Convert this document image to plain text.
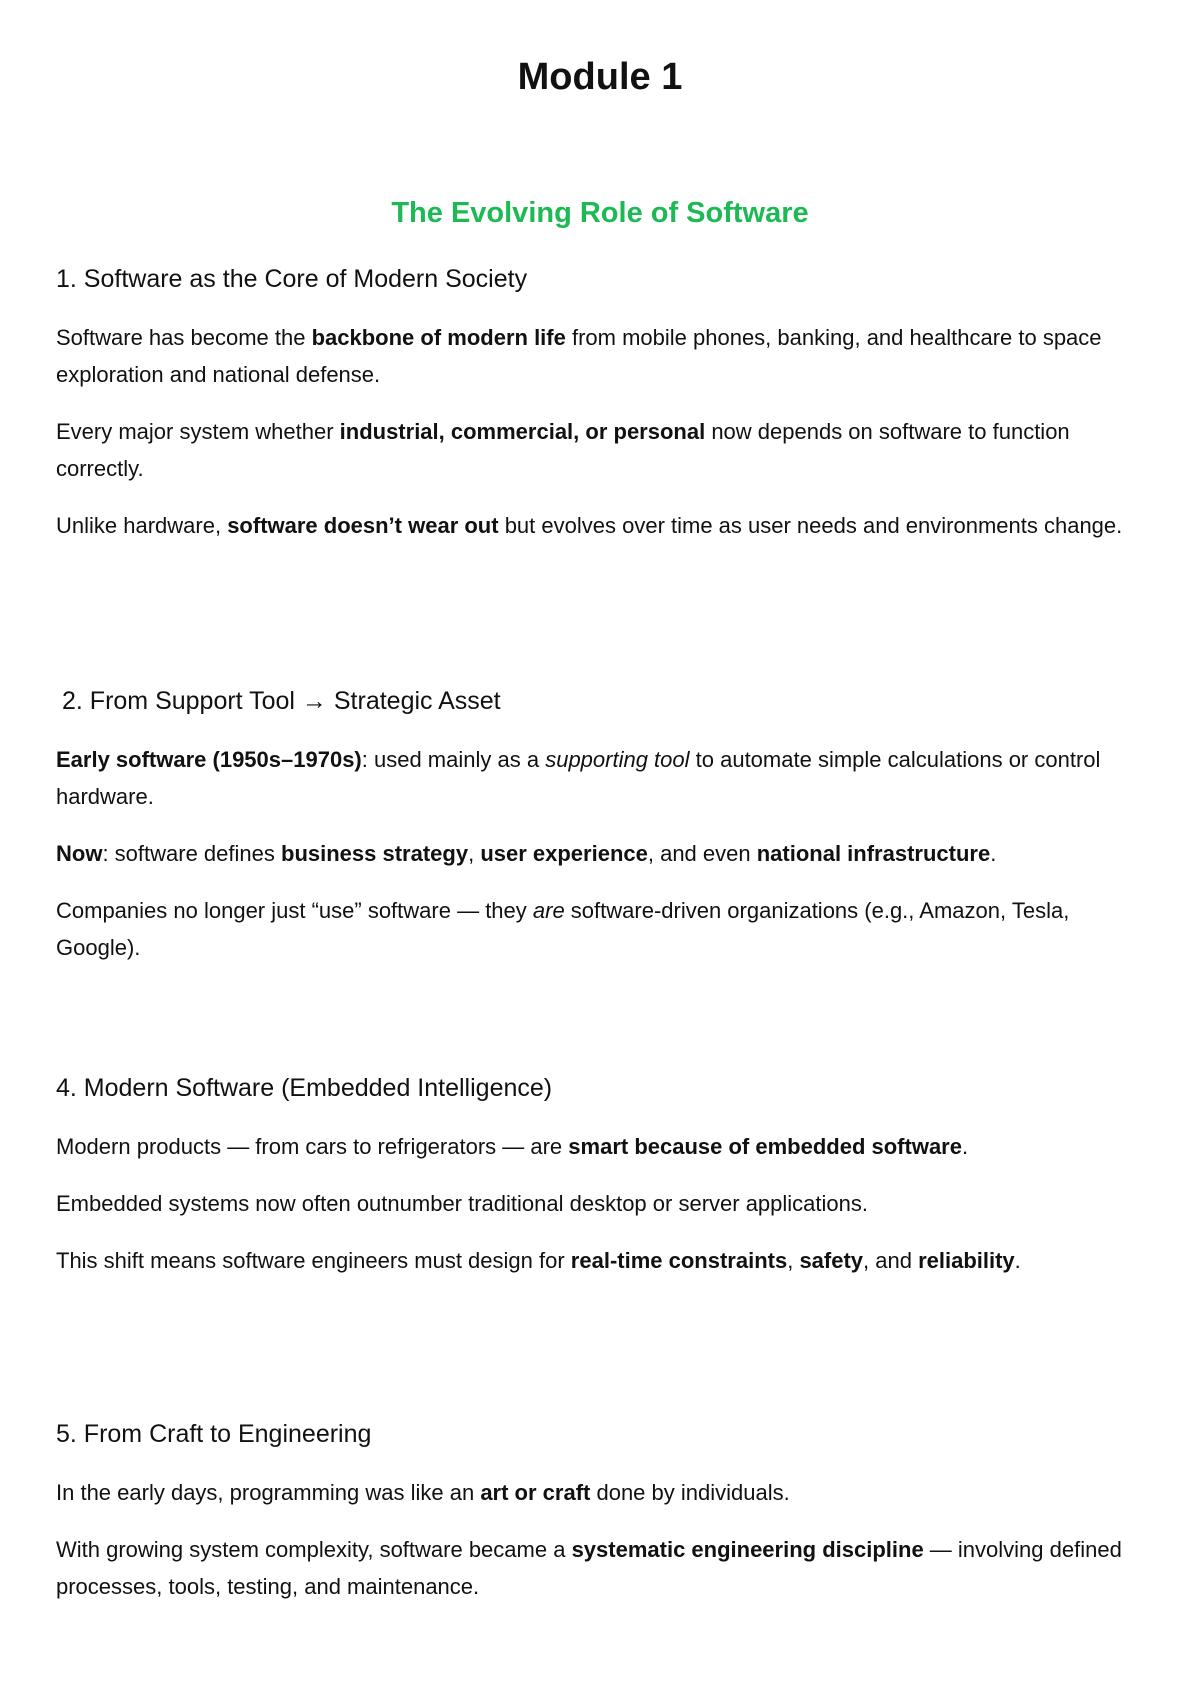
Module 1
The Evolving Role of Software
1. Software as the Core of Modern Society

Software has become the backbone of modern life from mobile phones, banking, and healthcare to space exploration and national defense.

Every major system whether industrial, commercial, or personal now depends on software to function correctly.

Unlike hardware, software doesn’t wear out but evolves over time as user needs and environments change.

2. From Support Tool → Strategic Asset

Early software (1950s–1970s): used mainly as a supporting tool to automate simple calculations or control hardware.

Now: software defines business strategy, user experience, and even national infrastructure.

Companies no longer just “use” software — they are software-driven organizations (e.g., Amazon, Tesla, Google).

4. Modern Software (Embedded Intelligence)

Modern products — from cars to refrigerators — are smart because of embedded software.

Embedded systems now often outnumber traditional desktop or server applications.

This shift means software engineers must design for real-time constraints, safety, and reliability.

5. From Craft to Engineering

In the early days, programming was like an art or craft done by individuals.

With growing system complexity, software became a systematic engineering discipline — involving defined processes, tools, testing, and maintenance.
